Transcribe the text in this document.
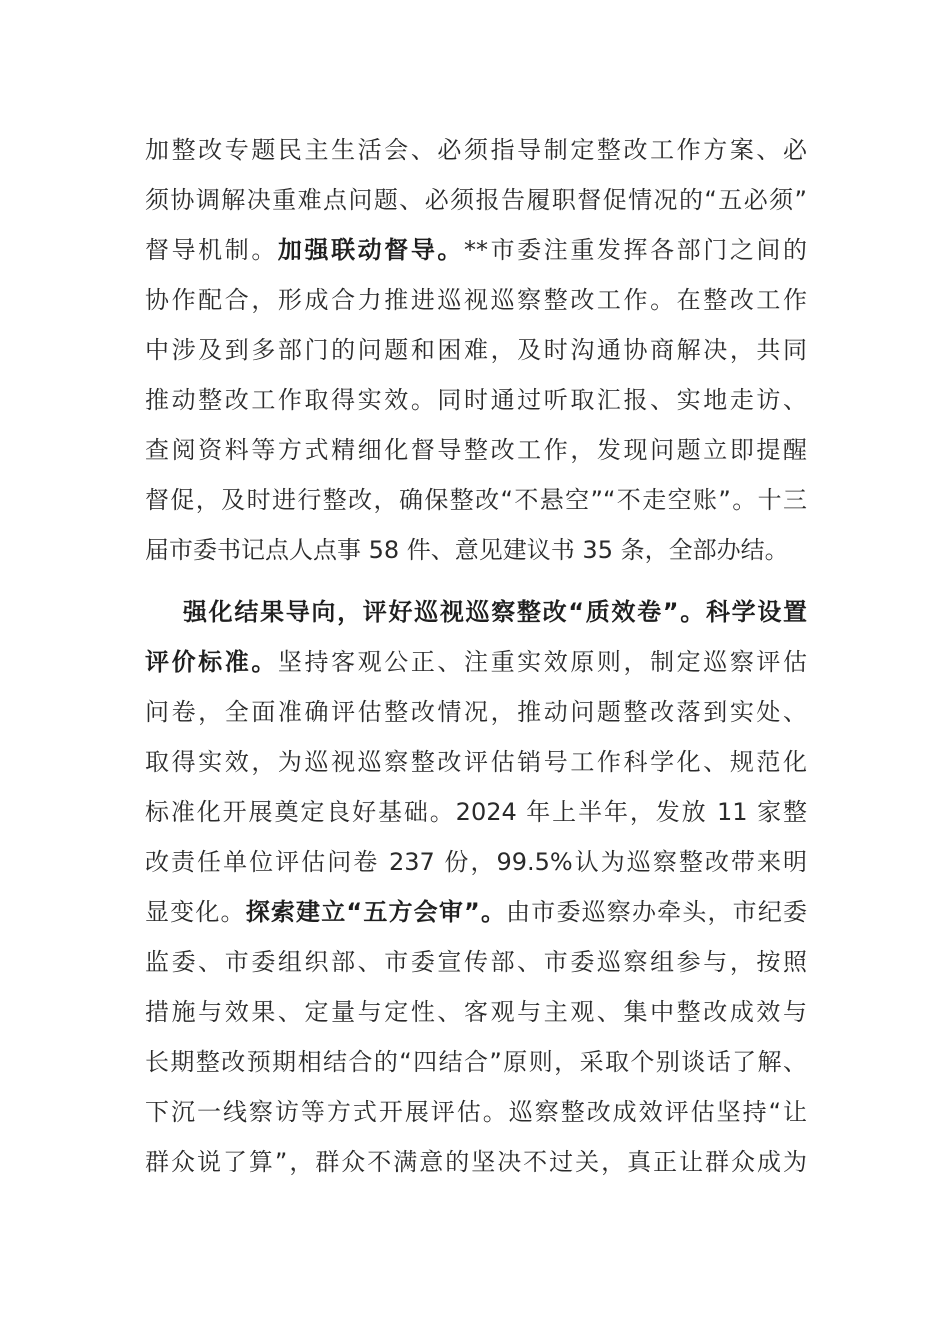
加整改专题民主生活会、必须指导制定整改工作方案、必
须协调解决重难点问题、必须报告履职督促情况的“五必须”
督导机制。加强联动督导。**市委注重发挥各部门之间的
协作配合，形成合力推进巡视巡察整改工作。在整改工作
中涉及到多部门的问题和困难，及时沟通协商解决，共同
推动整改工作取得实效。同时通过听取汇报、实地走访、
查阅资料等方式精细化督导整改工作，发现问题立即提醒
督促，及时进行整改，确保整改“不悬空”“不走空账”。十三
届市委书记点人点事 58 件、意见建议书 35 条，全部办结。
强化结果导向，评好巡视巡察整改“质效卷”。科学设置
评价标准。坚持客观公正、注重实效原则，制定巡察评估
问卷，全面准确评估整改情况，推动问题整改落到实处、
取得实效，为巡视巡察整改评估销号工作科学化、规范化
标准化开展奠定良好基础。2024 年上半年，发放 11 家整
改责任单位评估问卷 237 份，99.5%认为巡察整改带来明
显变化。探索建立“五方会审”。由市委巡察办牵头，市纪委
监委、市委组织部、市委宣传部、市委巡察组参与，按照
措施与效果、定量与定性、客观与主观、集中整改成效与
长期整改预期相结合的“四结合”原则，采取个别谈话了解、
下沉一线察访等方式开展评估。巡察整改成效评估坚持“让
群众说了算”，群众不满意的坚决不过关，真正让群众成为
